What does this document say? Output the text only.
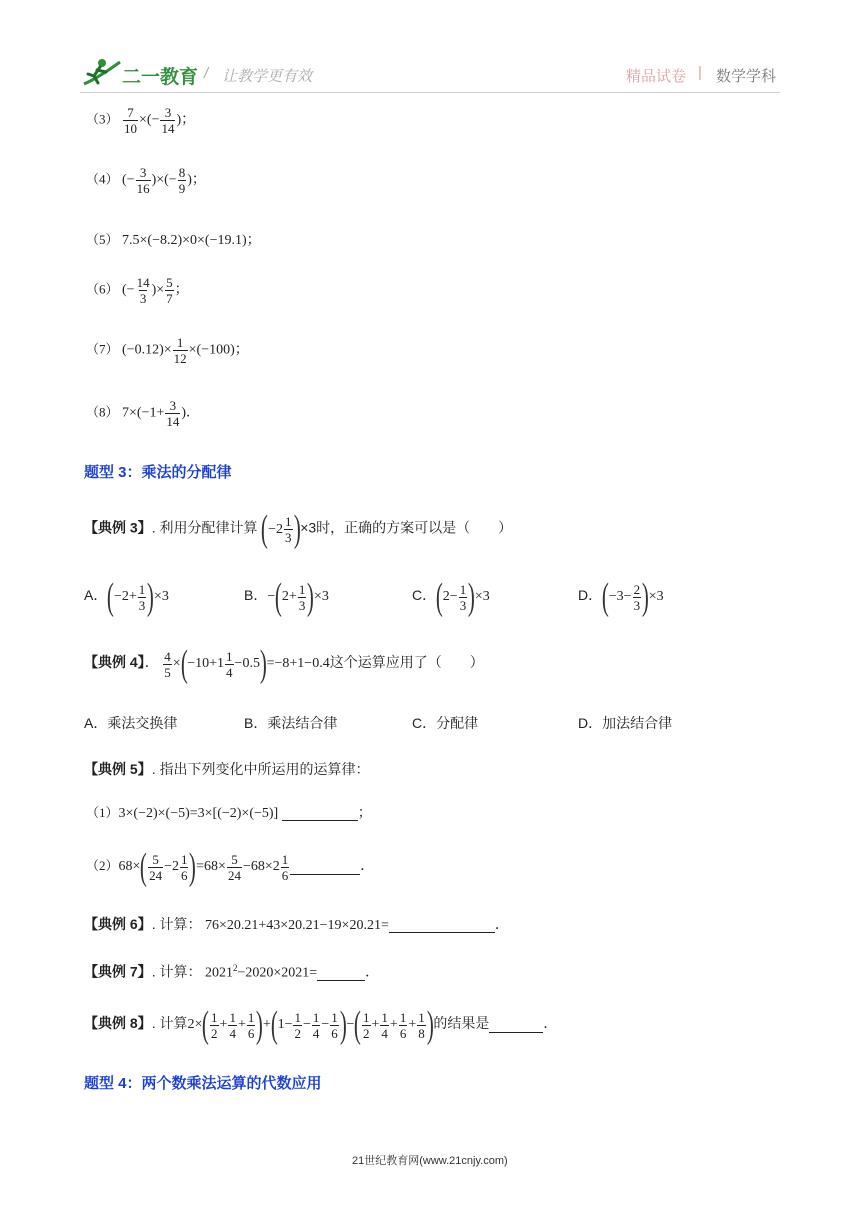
二一教育 / 让教学更有效	精品试卷 | 数学学科
$(3) \frac{7}{10}$ ×(− $\frac{3}{14}$ )；
（4） (− $\frac{3}{16}$ )×(− $\frac{8}{9}$ )；
（5） 7.5×(−8.2)×0×(−19.1)；
（6） (− $\frac{14}{3}$ )× $\frac{5}{7}$ ；
（7） $(-0.12)\times \frac{1}{12} \times(-100)$；
（8） $7\times(-1+ \frac{3}{14}$ )．
题型 3：乘法的分配律
【典例 3】. 利用分配律计算 $(-2 \frac{1}{3} )\times 3$时，正确的方案可以是（　　）
A．$(-2+ \frac{1}{3} )\times 3$	B．$-(2+ \frac{1}{3} )\times 3$	C．$(2- \frac{1}{3} )\times 3$	D．$(-3- \frac{2}{3} )\times 3$
【典例 4】． $\frac{4}{5} \times(-10+1 \frac{1}{4} -0.5)=-8+1-0.4$这个运算应用了（　　）
A．乘法交换律	B．乘法结合律	C．分配律	D．加法结合律
【典例 5】. 指出下列变化中所运用的运算律：
（1）3×(−2)×(−5)=3×[(−2)×(−5)]	；
$(2)68\times( \frac{5}{24} -2 \frac{1}{6} )=68\times \frac{5}{24} -68\times 2 \frac{1}{6}$	．
【典例 6】. 计算： 76×20.21+43×20.21−19×20.21=	．
【典例 7】. 计算： $2021^2-2020\times 2021=$	．
【典例 8】. 计算$2\times( \frac{1}{2} + \frac{1}{4} + \frac{1}{6} )+(1- \frac{1}{2} - \frac{1}{4} - \frac{1}{6}$ )−( $\frac{1}{2} + \frac{1}{4} + \frac{1}{6} + \frac{1}{8}$ )的结果是	．
题型 4：两个数乘法运算的代数应用
21世纪教育网(www.21cnjy.com)
